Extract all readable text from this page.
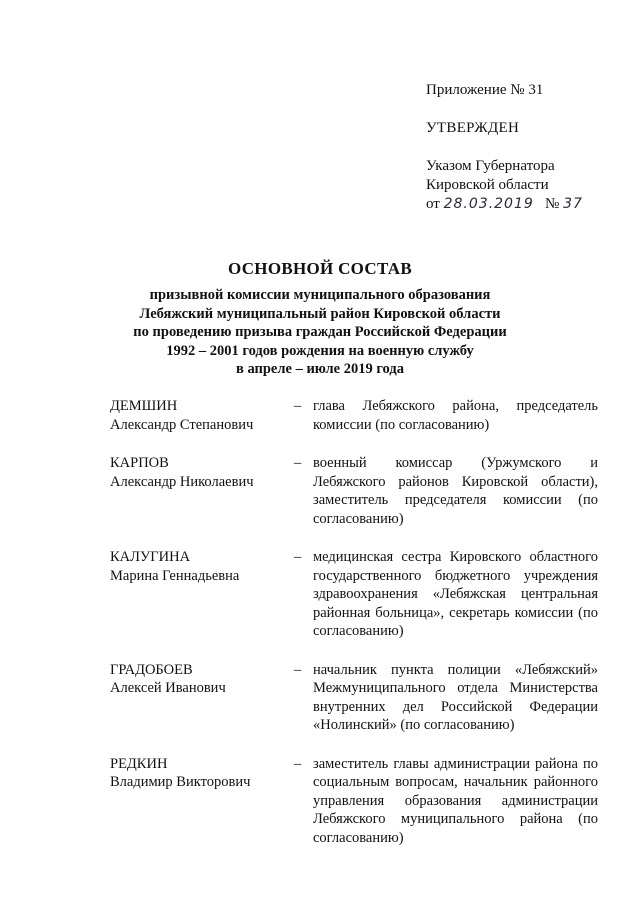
Приложение № 31
УТВЕРЖДЕН
Указом Губернатора
Кировской области
от 28.03.2019 № 37
ОСНОВНОЙ СОСТАВ
призывной комиссии муниципального образования
Лебяжский муниципальный район Кировской области
по проведению призыва граждан Российской Федерации
1992 – 2001 годов рождения на военную службу
в апреле – июле 2019 года
ДЕМШИН
Александр Степанович
– глава Лебяжского района, председатель комиссии (по согласованию)
КАРПОВ
Александр Николаевич
– военный комиссар (Уржумского и Лебяжского районов Кировской области), заместитель председателя комиссии (по согласованию)
КАЛУГИНА
Марина Геннадьевна
– медицинская сестра Кировского областного государственного бюджетного учреждения здравоохранения «Лебяжская центральная районная больница», секретарь комиссии (по согласованию)
ГРАДОБОЕВ
Алексей Иванович
– начальник пункта полиции «Лебяжский» Межмуниципального отдела Министерства внутренних дел Российской Федерации «Нолинский» (по согласованию)
РЕДКИН
Владимир Викторович
– заместитель главы администрации района по социальным вопросам, начальник районного управления образования администрации Лебяжского муниципального района (по согласованию)
